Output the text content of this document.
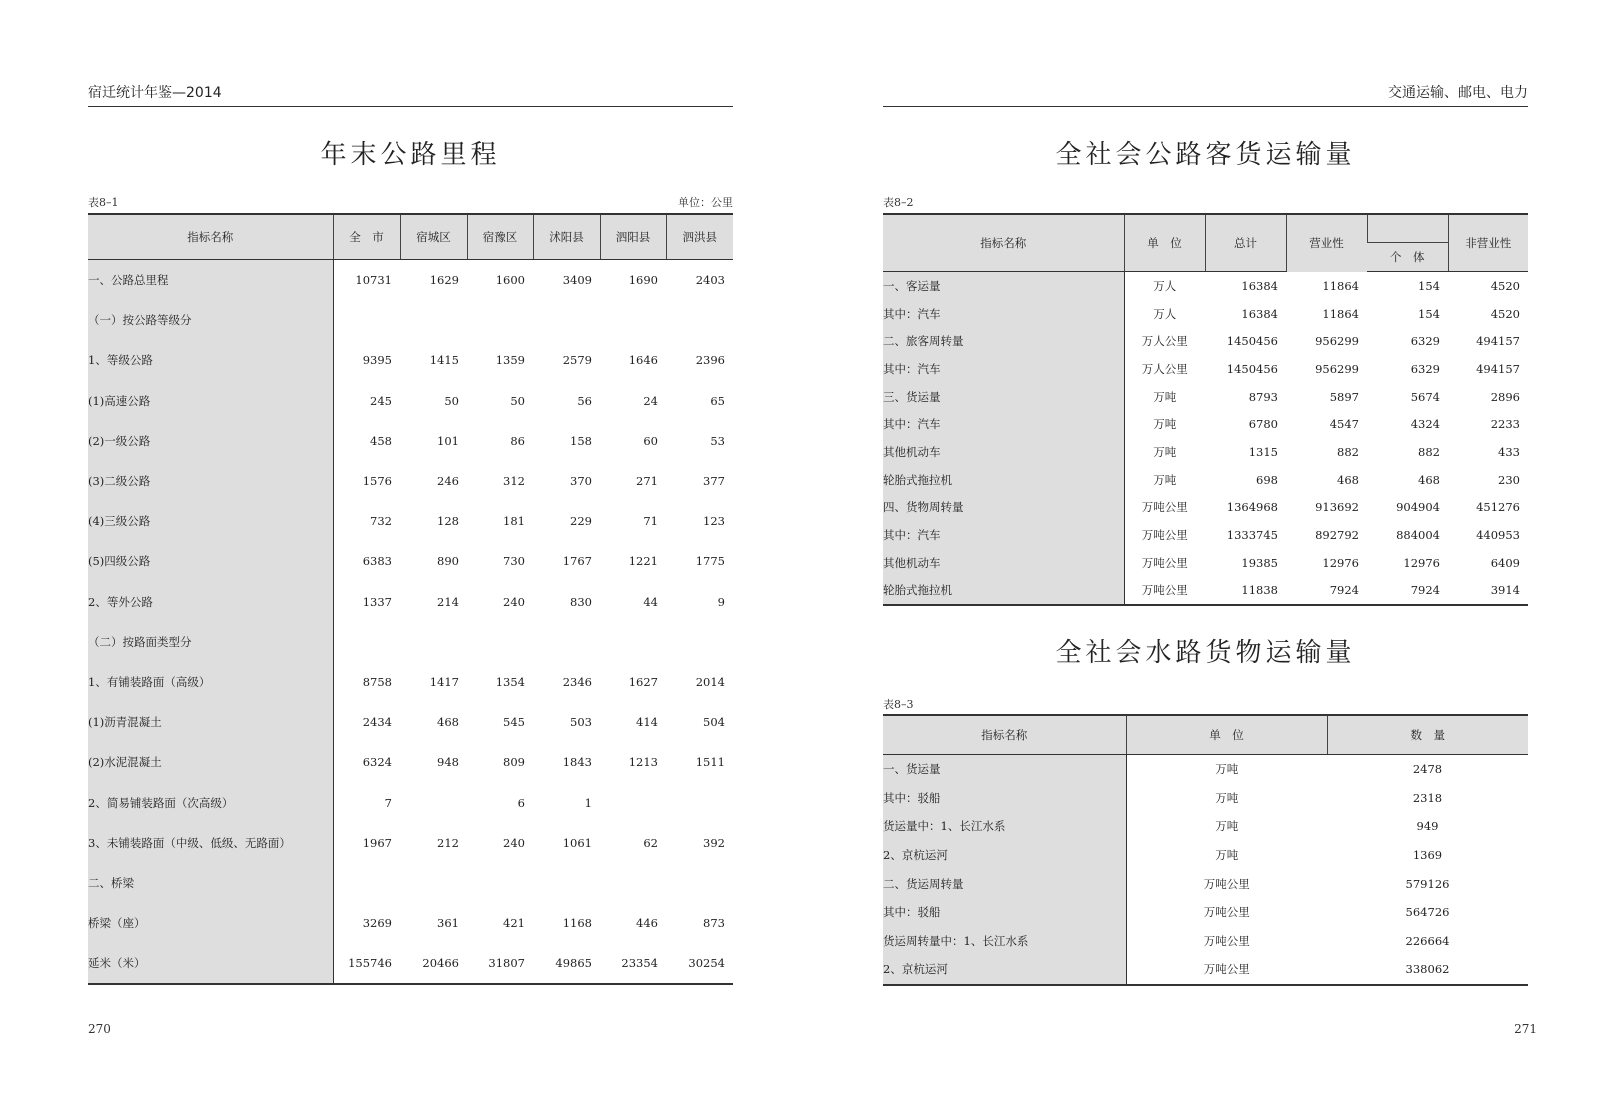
宿迁统计年鉴—2014
年末公路里程
表8–1	单位：公里
指标名称	全　市	宿城区	宿豫区	沭阳县	泗阳县	泗洪县
一、公路总里程	10731	1629	1600	3409	1690	2403
（一）按公路等级分						
1、等级公路	9395	1415	1359	2579	1646	2396
(1)高速公路	245	50	50	56	24	65
(2)一级公路	458	101	86	158	60	53
(3)二级公路	1576	246	312	370	271	377
(4)三级公路	732	128	181	229	71	123
(5)四级公路	6383	890	730	1767	1221	1775
2、等外公路	1337	214	240	830	44	9
（二）按路面类型分						
1、有铺装路面（高级）	8758	1417	1354	2346	1627	2014
(1)沥青混凝土	2434	468	545	503	414	504
(2)水泥混凝土	6324	948	809	1843	1213	1511
2、简易铺装路面（次高级）	7		6	1		
3、未铺装路面（中级、低级、无路面）	1967	212	240	1061	62	392
二、桥梁						
桥梁（座）	3269	361	421	1168	446	873
延米（米）	155746	20466	31807	49865	23354	30254
270
交通运输、邮电、电力
全社会公路客货运输量
表8–2
指标名称	单　位	总计	营业性		非营业性
				个　体	
一、客运量	万人	16384	11864	154	4520
其中：汽车	万人	16384	11864	154	4520
二、旅客周转量	万人公里	1450456	956299	6329	494157
其中：汽车	万人公里	1450456	956299	6329	494157
三、货运量	万吨	8793	5897	5674	2896
其中：汽车	万吨	6780	4547	4324	2233
其他机动车	万吨	1315	882	882	433
轮胎式拖拉机	万吨	698	468	468	230
四、货物周转量	万吨公里	1364968	913692	904904	451276
其中：汽车	万吨公里	1333745	892792	884004	440953
其他机动车	万吨公里	19385	12976	12976	6409
轮胎式拖拉机	万吨公里	11838	7924	7924	3914
全社会水路货物运输量
表8–3
指标名称	单　位	数　量
一、货运量	万吨	2478
其中：驳船	万吨	2318
货运量中：1、长江水系	万吨	949
2、京杭运河	万吨	1369
二、货运周转量	万吨公里	579126
其中：驳船	万吨公里	564726
货运周转量中：1、长江水系	万吨公里	226664
2、京杭运河	万吨公里	338062
271
